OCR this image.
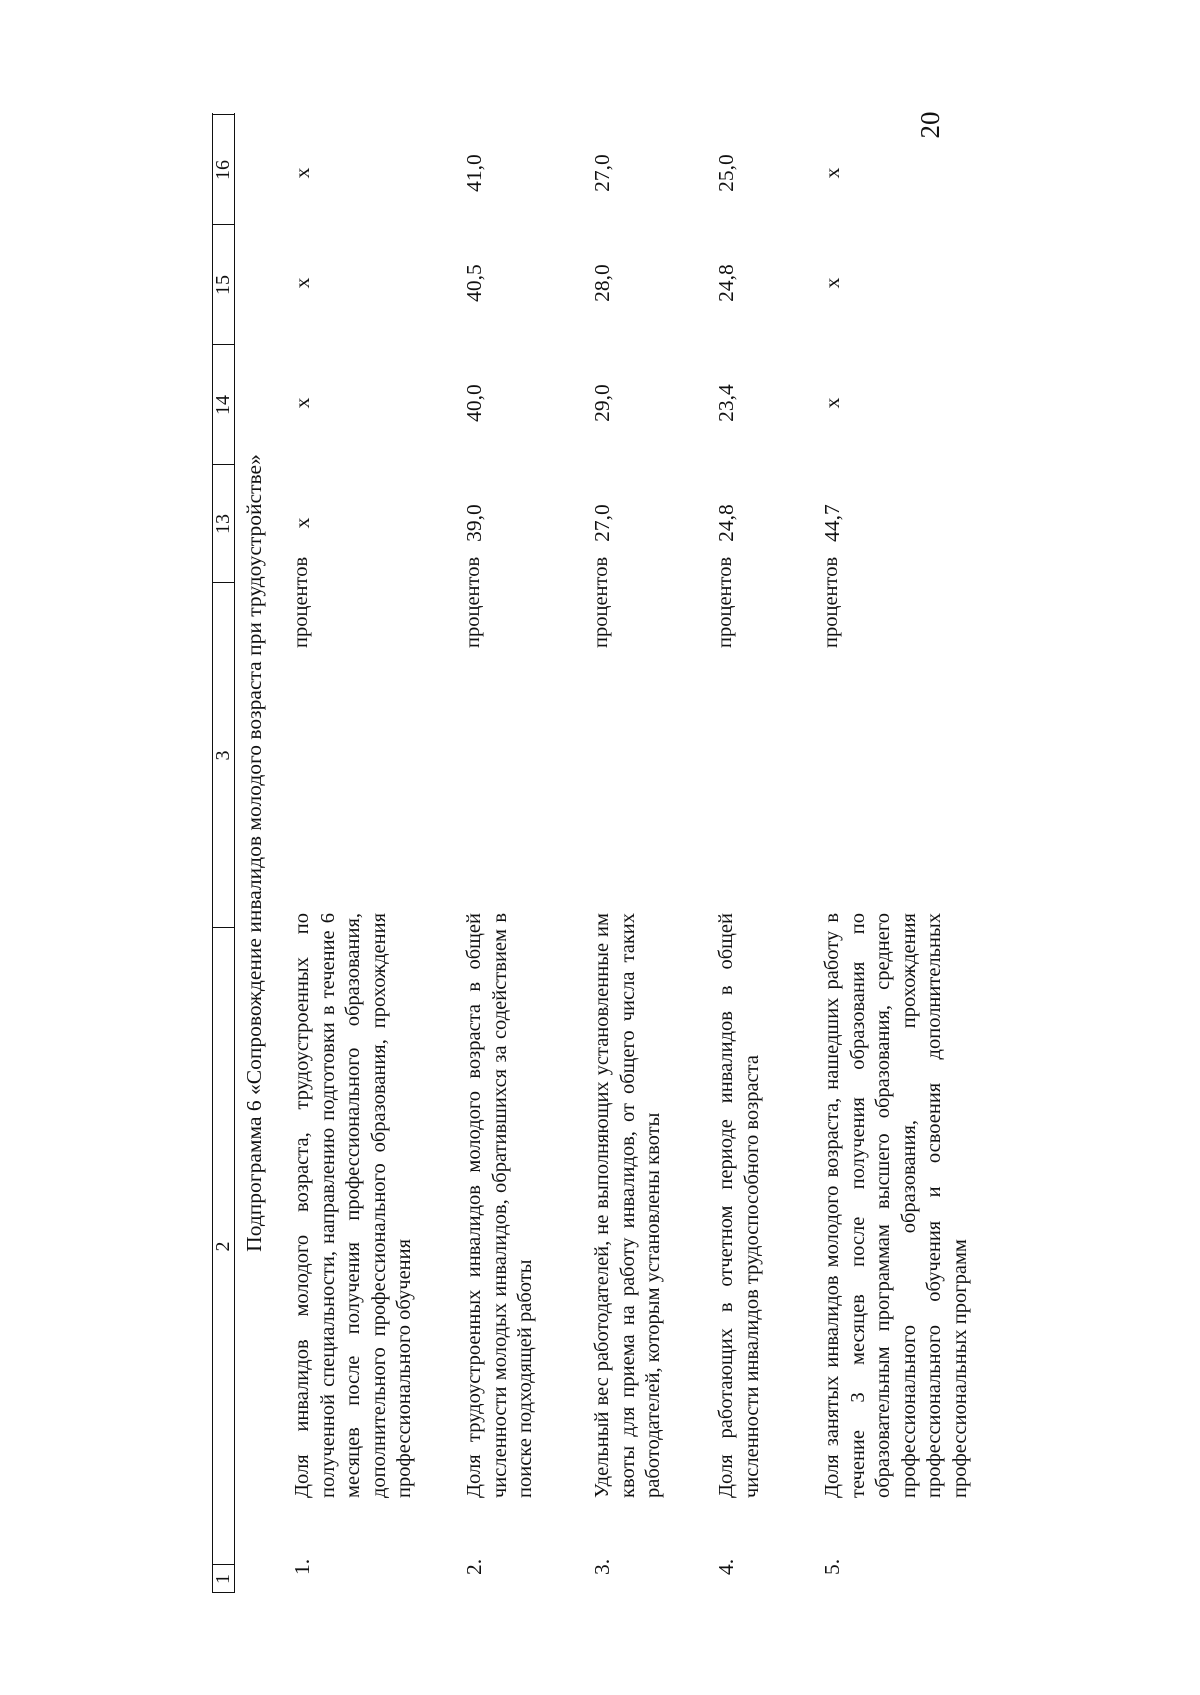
20
1
2
3
13
14
15
16
Подпрограмма 6 «Сопровождение инвалидов молодого возраста при трудоустройстве»
1.
Доля инвалидов молодого возраста, трудоустроенных по полученной специальности, направлению подготовки в течение 6 месяцев после получения профессионального образования, дополнительного профессионального образования, прохождения профессионального обучения
процентов
x
x
x
x
2.
Доля трудоустроенных инвалидов молодого возраста в общей численности молодых инвалидов, обратившихся за содействием в поиске подходящей работы
процентов
39,0
40,0
40,5
41,0
3.
Удельный вес работодателей, не выполняющих установленные им квоты для приема на работу инвалидов, от общего числа таких работодателей, которым установлены квоты
процентов
27,0
29,0
28,0
27,0
4.
Доля работающих в отчетном периоде инвалидов в общей численности инвалидов трудоспособного возраста
процентов
24,8
23,4
24,8
25,0
5.
Доля занятых инвалидов молодого возраста, нашедших работу в течение 3 месяцев после получения образования по образовательным программам высшего образования, среднего профессионального образования, прохождения профессионального обучения и освоения дополнительных профессиональных программ
процентов
44,7
x
x
x
